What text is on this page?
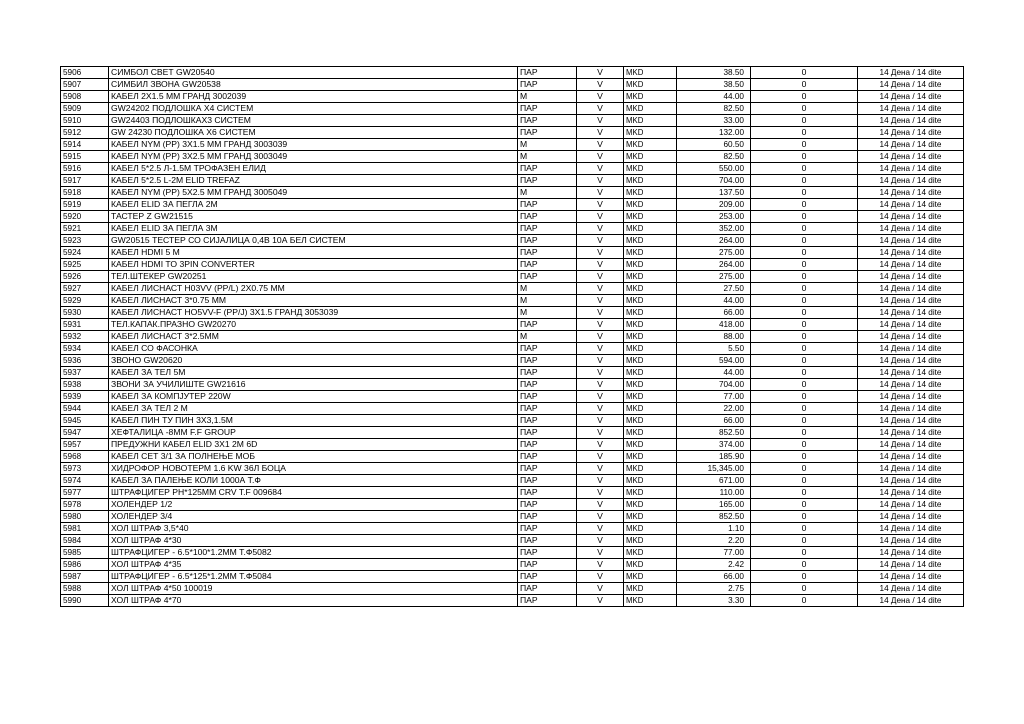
5906	СИМБОЛ СВЕТ GW20540	ПАР	V	MKD	38.50	0	14 Дена / 14 dite
5907	СИМБИЛ ЗВОНА GW20538	ПАР	V	MKD	38.50	0	14 Дена / 14 dite
5908	КАБЕЛ 2Х1.5 ММ ГРАНД 3002039	М	V	MKD	44.00	0	14 Дена / 14 dite
5909	GW24202 ПОДЛОШКА Х4 СИСТЕМ	ПАР	V	MKD	82.50	0	14 Дена / 14 dite
5910	GW24403 ПОДЛОШКАХ3 СИСТЕМ	ПАР	V	MKD	33.00	0	14 Дена / 14 dite
5912	GW 24230 ПОДЛОШКА Х6 СИСТЕМ	ПАР	V	MKD	132.00	0	14 Дена / 14 dite
5914	КАБЕЛ NYM (PP) 3X1.5 ММ ГРАНД 3003039	М	V	MKD	60.50	0	14 Дена / 14 dite
5915	КАБЕЛ NYM (PP) 3X2.5 ММ ГРАНД 3003049	М	V	MKD	82.50	0	14 Дена / 14 dite
5916	КАБЕЛ 5*2.5 Л-1.5М ТРОФАЗЕН ЕЛИД	ПАР	V	MKD	550.00	0	14 Дена / 14 dite
5917	КАБЕЛ 5*2.5 L-2M ELID TREFAZ	ПАР	V	MKD	704.00	0	14 Дена / 14 dite
5918	КАБЕЛ NYM (PP) 5Х2.5 ММ ГРАНД 3005049	М	V	MKD	137.50	0	14 Дена / 14 dite
5919	КАБЕЛ ELID ЗА ПЕГЛА 2М	ПАР	V	MKD	209.00	0	14 Дена / 14 dite
5920	ТАСТЕР Z GW21515	ПАР	V	MKD	253.00	0	14 Дена / 14 dite
5921	КАБЕЛ ELID ЗА ПЕГЛА 3М	ПАР	V	MKD	352.00	0	14 Дена / 14 dite
5923	GW20515 ТЕСТЕР СО СИЈАЛИЦА 0,4В 10А БЕЛ СИСТЕМ	ПАР	V	MKD	264.00	0	14 Дена / 14 dite
5924	КАБЕЛ HDMI 5 M	ПАР	V	MKD	275.00	0	14 Дена / 14 dite
5925	КАБЕЛ HDMI TO 3PIN CONVERTER	ПАР	V	MKD	264.00	0	14 Дена / 14 dite
5926	ТЕЛ.ШТЕКЕР GW20251	ПАР	V	MKD	275.00	0	14 Дена / 14 dite
5927	КАБЕЛ ЛИСНАСТ H03VV (PP/L) 2Х0.75 ММ	М	V	MKD	27.50	0	14 Дена / 14 dite
5929	КАБЕЛ ЛИСНАСТ 3*0.75 ММ	М	V	MKD	44.00	0	14 Дена / 14 dite
5930	КАБЕЛ ЛИСНАСТ HO5VV-F (PP/J) 3X1.5 ГРАНД 3053039	М	V	MKD	66.00	0	14 Дена / 14 dite
5931	ТЕЛ.КАПАК.ПРАЗНО GW20270	ПАР	V	MKD	418.00	0	14 Дена / 14 dite
5932	КАБЕЛ ЛИСНАСТ 3*2.5ММ	М	V	MKD	88.00	0	14 Дена / 14 dite
5934	КАБЕЛ СО ФАСОНКА	ПАР	V	MKD	5.50	0	14 Дена / 14 dite
5936	ЗВОНО GW20620	ПАР	V	MKD	594.00	0	14 Дена / 14 dite
5937	КАБЕЛ ЗА ТЕЛ 5М	ПАР	V	MKD	44.00	0	14 Дена / 14 dite
5938	ЗВОНИ ЗА УЧИЛИШТЕ GW21616	ПАР	V	MKD	704.00	0	14 Дена / 14 dite
5939	КАБЕЛ ЗА КОМПЈУТЕР 220W	ПАР	V	MKD	77.00	0	14 Дена / 14 dite
5944	КАБЕЛ ЗА ТЕЛ 2 М	ПАР	V	MKD	22.00	0	14 Дена / 14 dite
5945	КАБЕЛ ПИН ТУ ПИН 3Х3,1.5М	ПАР	V	MKD	66.00	0	14 Дена / 14 dite
5947	ХЕФТАЛИЦА -8ММ F.F GROUP	ПАР	V	MKD	852.50	0	14 Дена / 14 dite
5957	ПРЕДУЖНИ КАБЕЛ ELID 3X1 2M 6D	ПАР	V	MKD	374.00	0	14 Дена / 14 dite
5968	КАБЕЛ СЕТ 3/1 ЗА ПОЛНЕЊЕ МОБ	ПАР	V	MKD	185.90	0	14 Дена / 14 dite
5973	ХИДРОФОР НОВОТЕРМ 1.6 KW 36Л БОЦА	ПАР	V	MKD	15,345.00	0	14 Дена / 14 dite
5974	КАБЕЛ ЗА ПАЛЕЊЕ КОЛИ 1000А Т.Ф	ПАР	V	MKD	671.00	0	14 Дена / 14 dite
5977	ШТРАФЦИГЕР PH*125MM CRV T.F 009684	ПАР	V	MKD	110.00	0	14 Дена / 14 dite
5978	ХОЛЕНДЕР 1/2	ПАР	V	MKD	165.00	0	14 Дена / 14 dite
5980	ХОЛЕНДЕР 3/4	ПАР	V	MKD	852.50	0	14 Дена / 14 dite
5981	ХОЛ ШТРАФ 3,5*40	ПАР	V	MKD	1.10	0	14 Дена / 14 dite
5984	ХОЛ ШТРАФ 4*30	ПАР	V	MKD	2.20	0	14 Дена / 14 dite
5985	ШТРАФЦИГЕР - 6.5*100*1.2ММ Т.Ф5082	ПАР	V	MKD	77.00	0	14 Дена / 14 dite
5986	ХОЛ ШТРАФ 4*35	ПАР	V	MKD	2.42	0	14 Дена / 14 dite
5987	ШТРАФЦИГЕР - 6.5*125*1.2ММ Т.Ф5084	ПАР	V	MKD	66.00	0	14 Дена / 14 dite
5988	ХОЛ ШТРАФ 4*50 100019	ПАР	V	MKD	2.75	0	14 Дена / 14 dite
5990	ХОЛ ШТРАФ 4*70	ПАР	V	MKD	3.30	0	14 Дена / 14 dite
